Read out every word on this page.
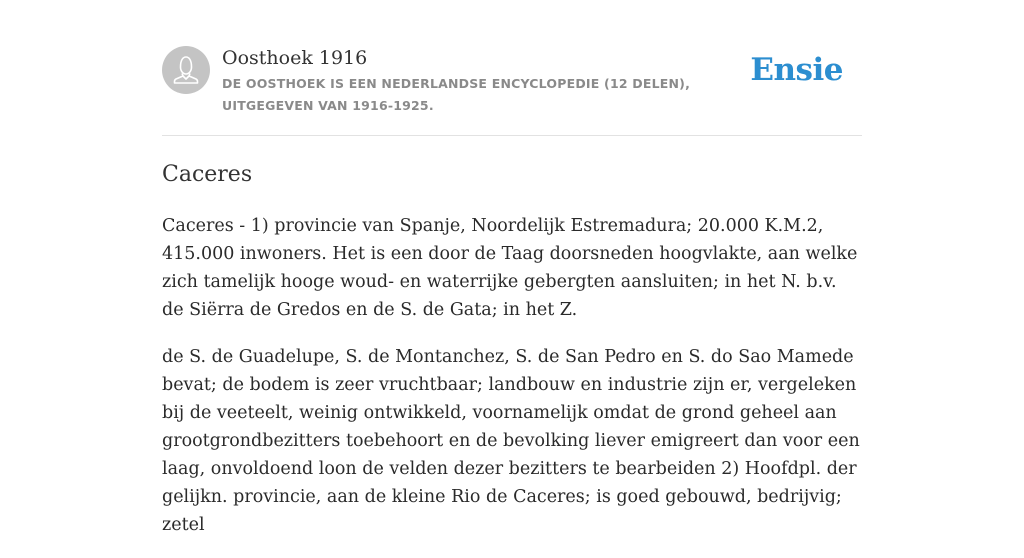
Oosthoek 1916
DE OOSTHOEK IS EEN NEDERLANDSE ENCYCLOPEDIE (12 DELEN), UITGEGEVEN VAN 1916-1925.
Ensie
Caceres

Caceres - 1) provincie van Spanje, Noordelijk Estremadura; 20.000 K.M.2, 415.000 inwoners. Het is een door de Taag doorsneden hoogvlakte, aan welke zich tamelijk hooge woud- en waterrijke gebergten aansluiten; in het N. b.v. de Siërra de Gredos en de S. de Gata; in het Z.

de S. de Guadelupe, S. de Montanchez, S. de San Pedro en S. do Sao Mamede bevat; de bodem is zeer vruchtbaar; landbouw en industrie zijn er, vergeleken bij de veeteelt, weinig ontwikkeld, voornamelijk omdat de grond geheel aan grootgrondbezitters toebehoort en de bevolking liever emigreert dan voor een laag, onvoldoend loon de velden dezer bezitters te bearbeiden 2) Hoofdpl. der gelijkn. provincie, aan de kleine Rio de Caceres; is goed gebouwd, bedrijvig; zetel
